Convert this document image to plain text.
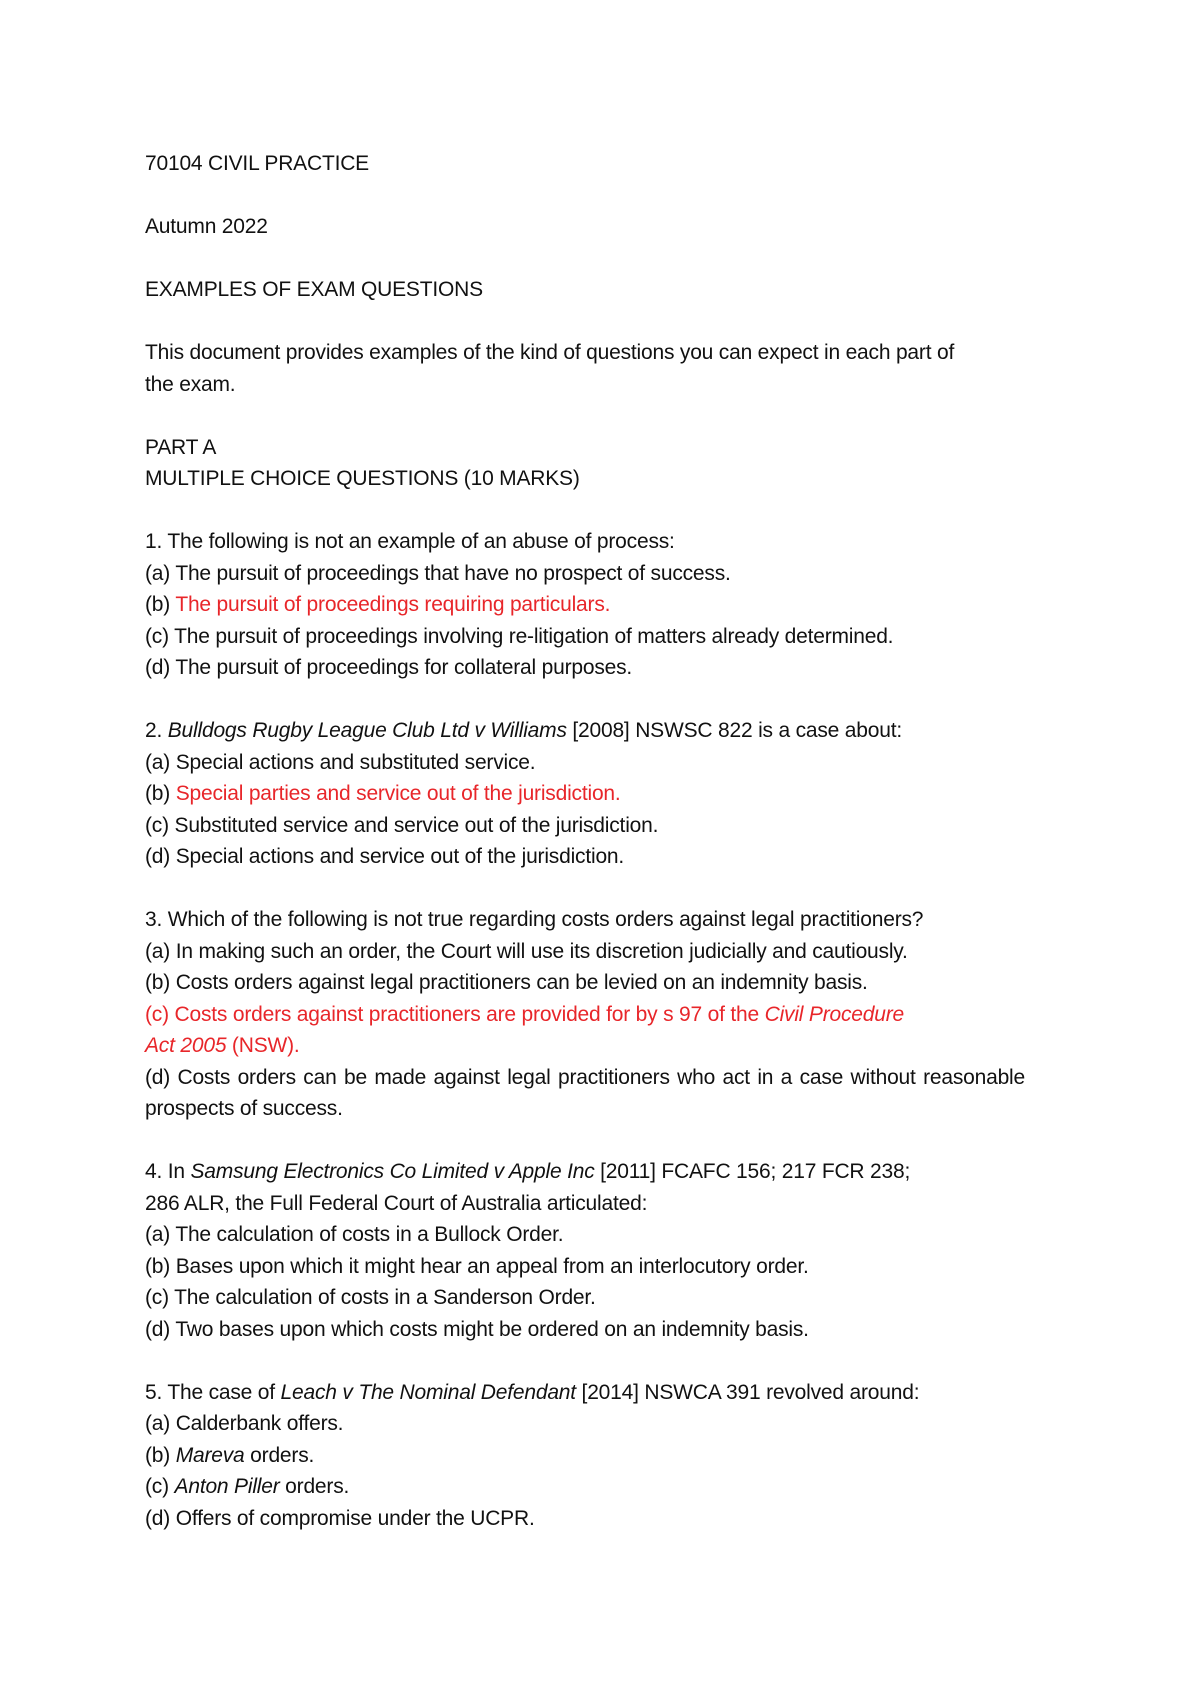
70104 CIVIL PRACTICE
Autumn 2022
EXAMPLES OF EXAM QUESTIONS
This document provides examples of the kind of questions you can expect in each part of the exam.
PART A
MULTIPLE CHOICE QUESTIONS (10 MARKS)
1. The following is not an example of an abuse of process:
(a) The pursuit of proceedings that have no prospect of success.
(b) The pursuit of proceedings requiring particulars.
(c) The pursuit of proceedings involving re-litigation of matters already determined.
(d) The pursuit of proceedings for collateral purposes.
2. Bulldogs Rugby League Club Ltd v Williams [2008] NSWSC 822 is a case about:
(a) Special actions and substituted service.
(b) Special parties and service out of the jurisdiction.
(c) Substituted service and service out of the jurisdiction.
(d) Special actions and service out of the jurisdiction.
3. Which of the following is not true regarding costs orders against legal practitioners?
(a) In making such an order, the Court will use its discretion judicially and cautiously.
(b) Costs orders against legal practitioners can be levied on an indemnity basis.
(c) Costs orders against practitioners are provided for by s 97 of the Civil Procedure Act 2005 (NSW).
(d) Costs orders can be made against legal practitioners who act in a case without reasonable prospects of success.
4. In Samsung Electronics Co Limited v Apple Inc [2011] FCAFC 156; 217 FCR 238; 286 ALR, the Full Federal Court of Australia articulated:
(a) The calculation of costs in a Bullock Order.
(b) Bases upon which it might hear an appeal from an interlocutory order.
(c) The calculation of costs in a Sanderson Order.
(d) Two bases upon which costs might be ordered on an indemnity basis.
5. The case of Leach v The Nominal Defendant [2014] NSWCA 391 revolved around:
(a) Calderbank offers.
(b) Mareva orders.
(c) Anton Piller orders.
(d) Offers of compromise under the UCPR.
